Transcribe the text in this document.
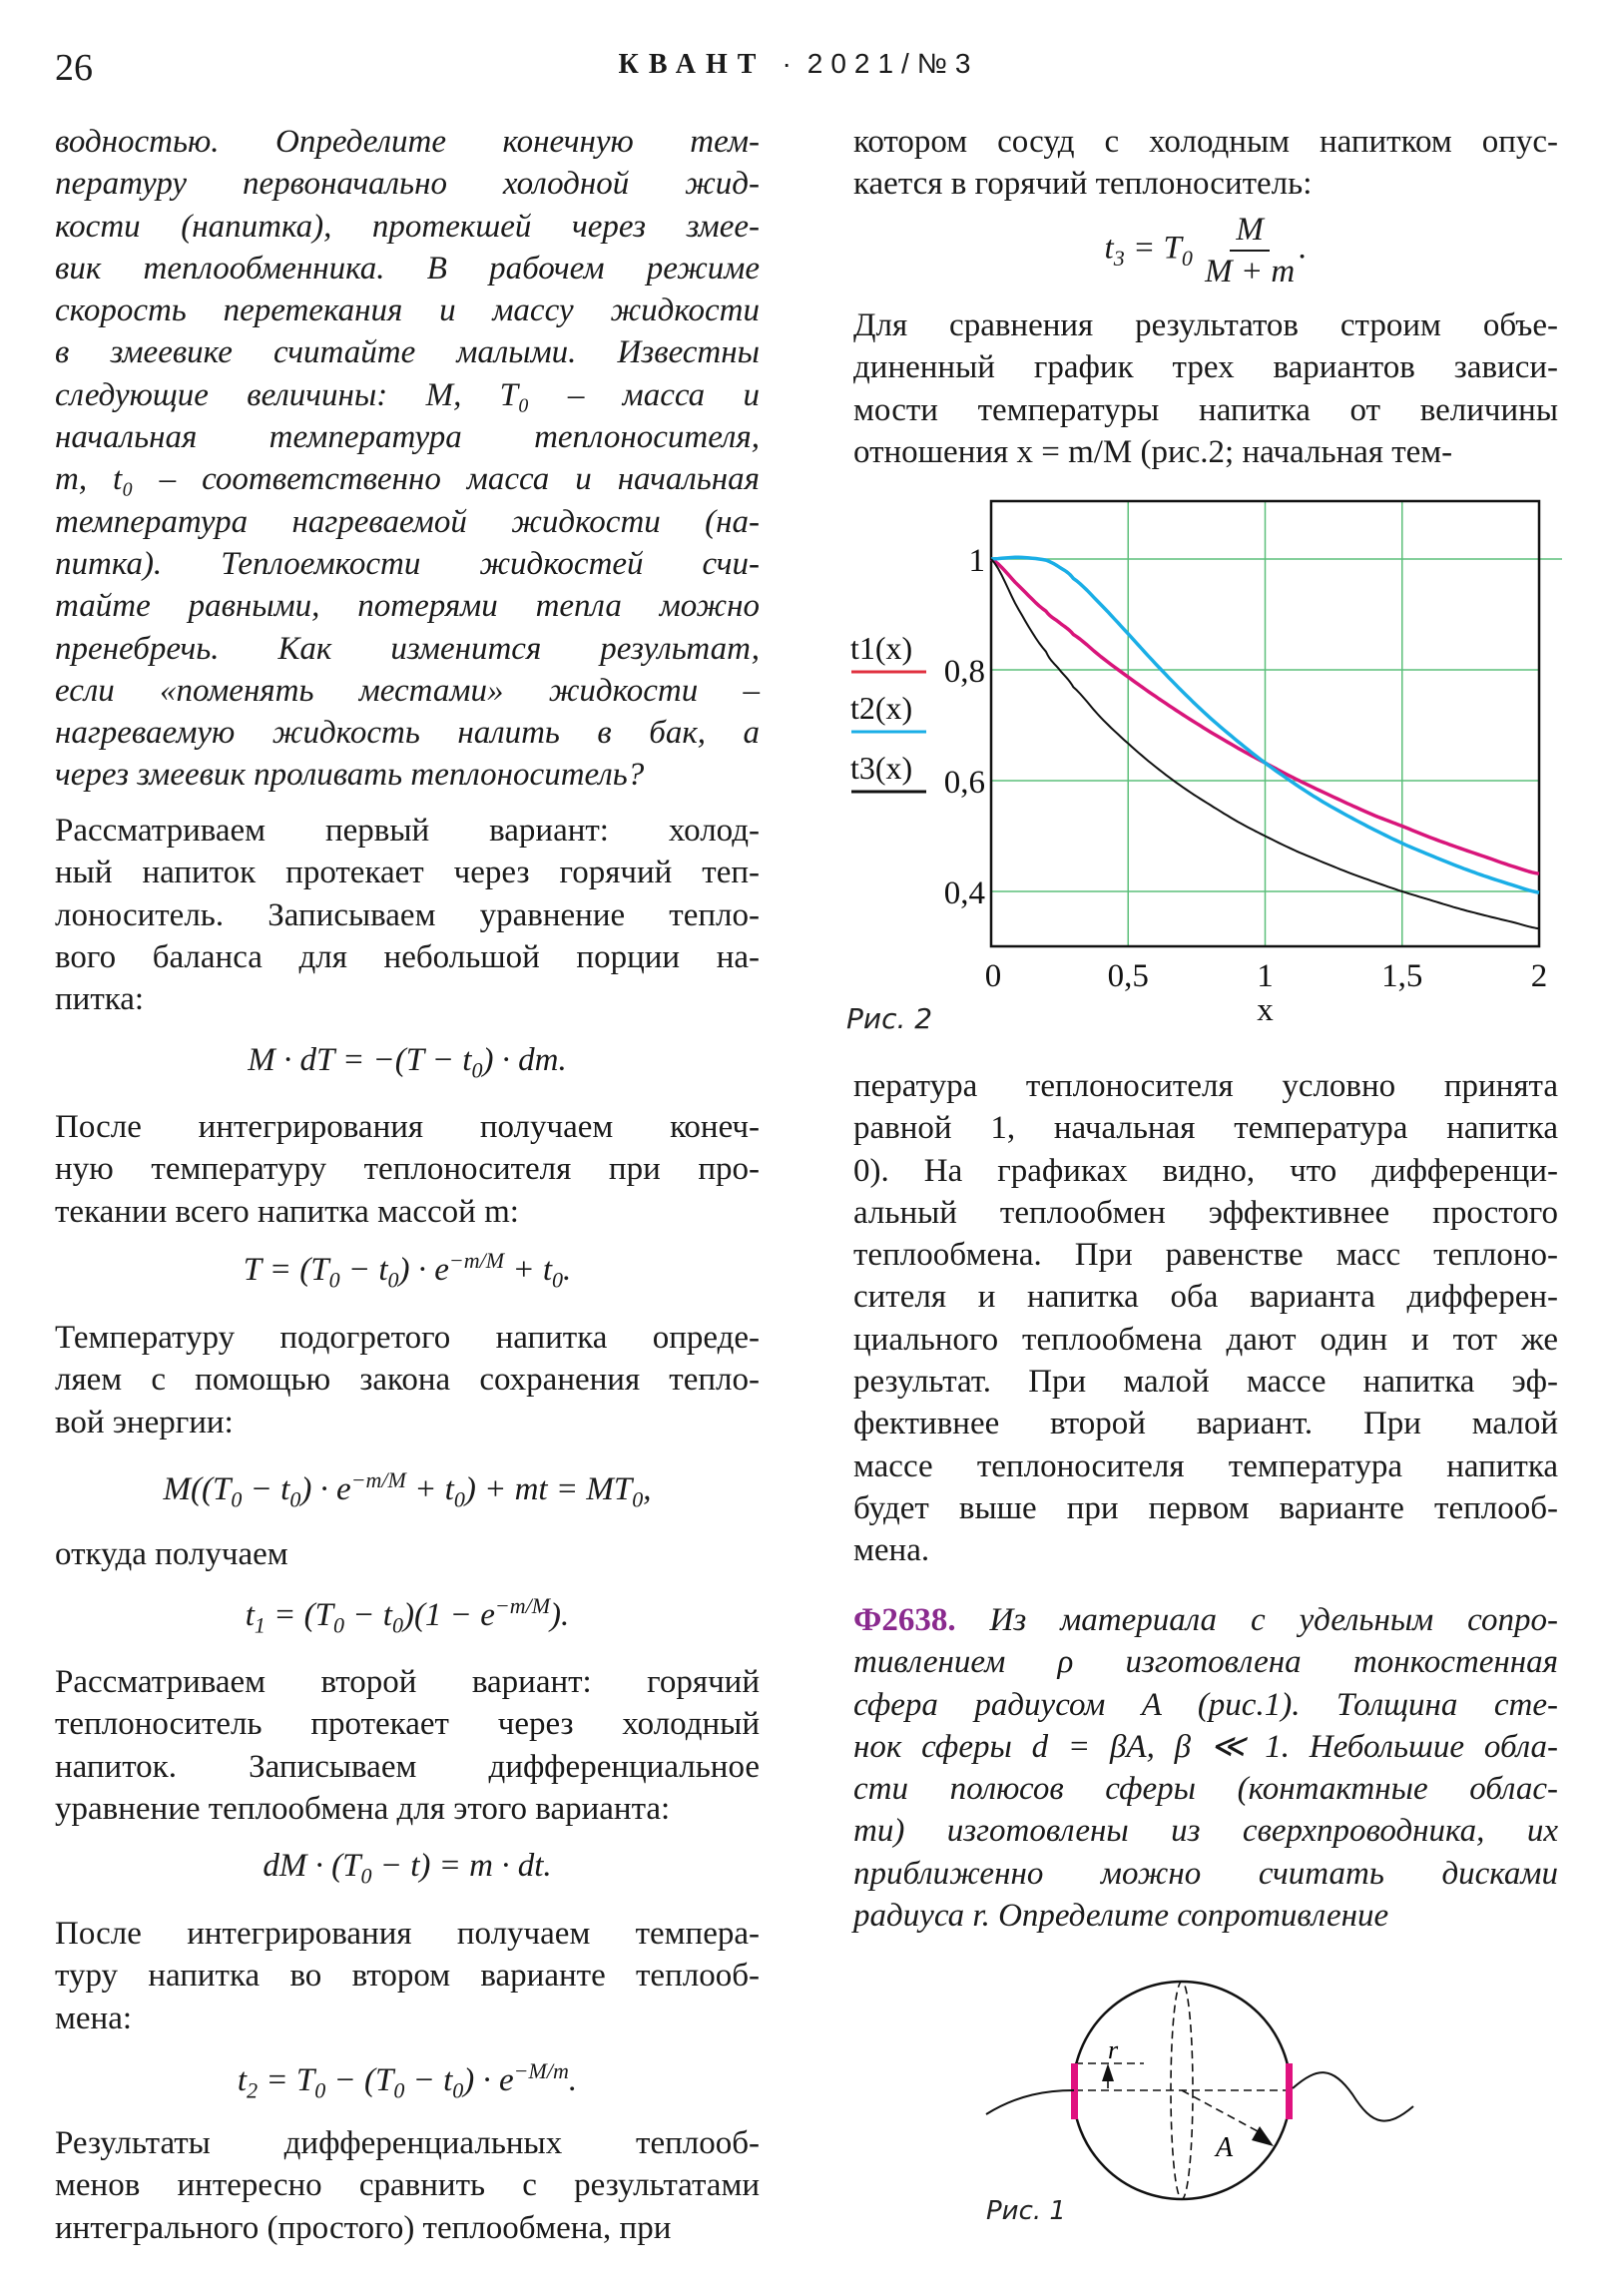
26	КВАНТ · 2021/№3
водностью. Определите конечную тем-
пературу первоначально холодной жид-
кости (напитка), протекшей через змее-
вик теплообменника. В рабочем режиме
скорость перетекания и массу жидкости
в змеевике считайте малыми. Известны
следующие величины: M, T₀ – масса и
начальная температура теплоносителя,
m, t₀ – соответственно масса и начальная
температура нагреваемой жидкости (на-
питка). Теплоемкости жидкостей счи-
тайте равными, потерями тепла можно
пренебречь. Как изменится результат,
если «поменять местами» жидкости –
нагреваемую жидкость налить в бак, а
через змеевик проливать теплоноситель?
Рассматриваем первый вариант: холод-
ный напиток протекает через горячий теп-
лоноситель. Записываем уравнение тепло-
вого баланса для небольшой порции на-
питка:
M · dT = $-(T - t_0)$ · dm.
После интегрирования получаем конеч-
ную температуру теплоносителя при про-
текании всего напитка массой m:
$T = (T_0 - t_0) \cdot e^{-m/M} + t_0$.
Температуру подогретого напитка опреде-
ляем с помощью закона сохранения тепло-
вой энергии:
$M((T_0 - t_0) \cdot e^{-m/M} + t_0)$ + mt = $MT_0$,
откуда получаем
$t_1 = (T_0 - t_0)(1 - e^{-m/M})$.
Рассматриваем второй вариант: горячий
теплоноситель протекает через холодный
напиток. Записываем дифференциальное
уравнение теплообмена для этого варианта:
dM · $(T_0 - t) = m$ · dt.
После интегрирования получаем темпера-
туру напитка во втором варианте теплооб-
мена:
$t_2 = T_0 - (T_0 - t_0) \cdot e^{-M/m}$.
Результаты дифференциальных теплооб-
менов интересно сравнить с результатами
интегрального (простого) теплообмена, при
котором сосуд с холодным напитком опус-
кается в горячий теплоноситель:
$t_3 = T_0 \frac{M}{M + m}$ .
Для сравнения результатов строим объе-
диненный график трех вариантов зависи-
мости температуры напитка от величины
отношения x = m/M (рис.2; начальная тем-
1
0,8
0,6
0,4
0	0,5	1	1,5	2
x
t1(x)
t2(x)
t3(x)
Рис. 2
пература теплоносителя условно принята
равной 1, начальная температура напитка
0). На графиках видно, что дифференци-
альный теплообмен эффективнее простого
теплообмена. При равенстве масс теплоно-
сителя и напитка оба варианта дифферен-
циального теплообмена дают один и тот же
результат. При малой массе напитка эф-
фективнее второй вариант. При малой
массе теплоносителя температура напитка
будет выше при первом варианте теплооб-
мена.
Ф2638. Из материала с удельным сопро-
тивлением ρ изготовлена тонкостенная
сфера радиусом A (рис.1). Толщина сте-
нок сферы d = βA, β ≪ 1. Небольшие обла-
сти полюсов сферы (контактные облас-
ти) изготовлены из сверхпроводника, их
приближенно можно считать дисками
радиуса r. Определите сопротивление
r
A
Рис. 1
